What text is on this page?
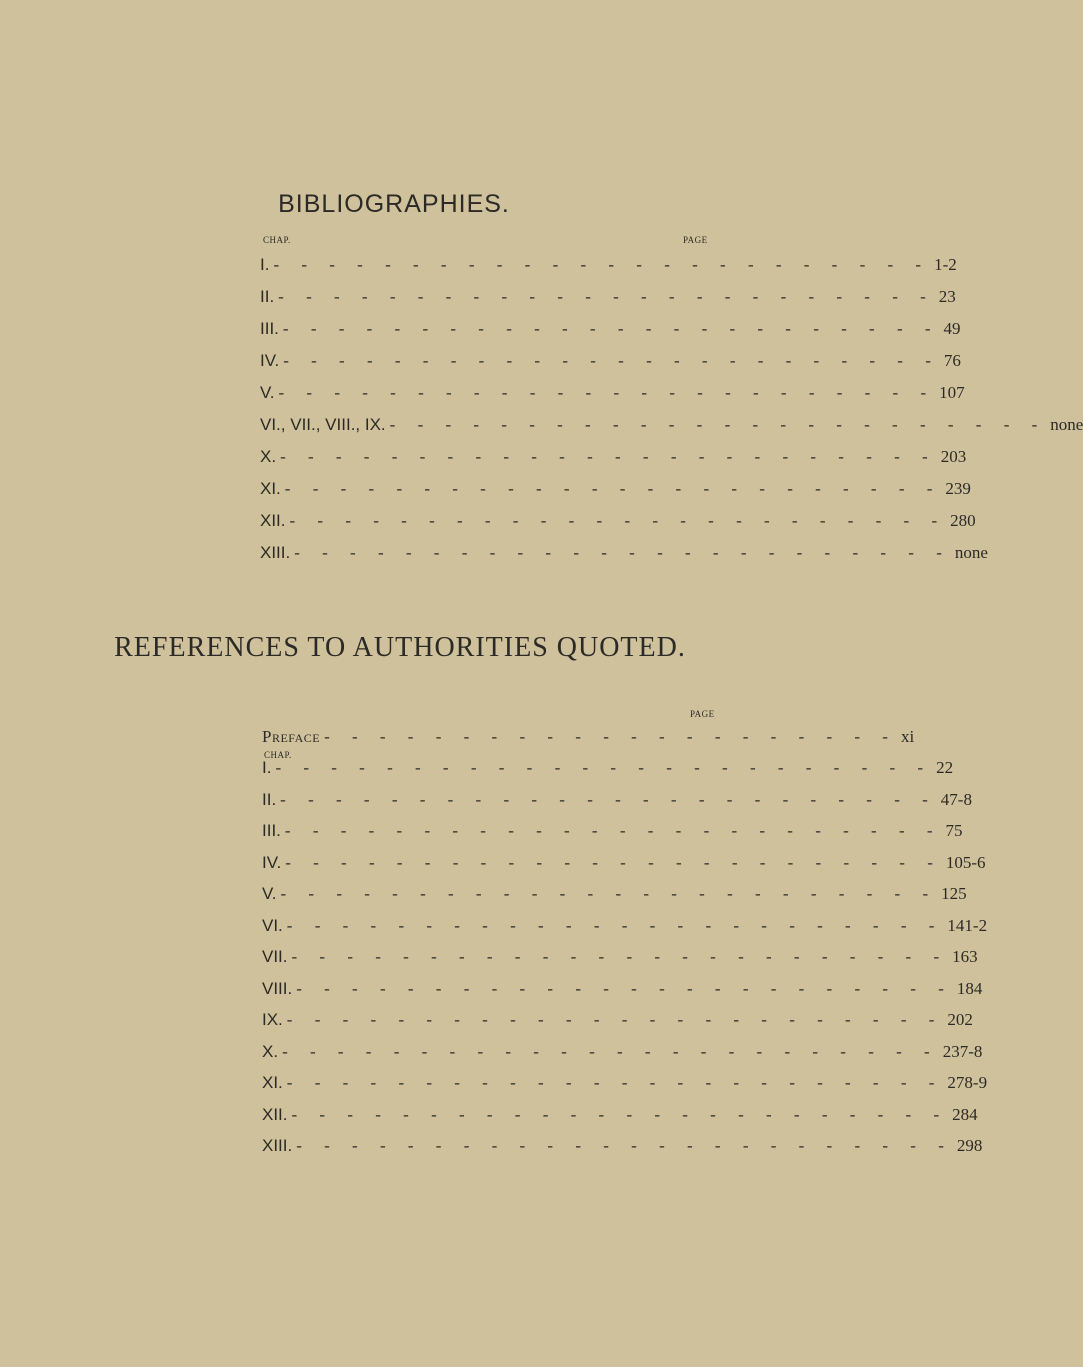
BIBLIOGRAPHIES.
CHAP.	PAGE
I. - - - - - - - - - - - - - - - - - - - - - - - - 1-2
II. - - - - - - - - - - - - - - - - - - - - - - - - 23
III. - - - - - - - - - - - - - - - - - - - - - - - - 49
IV. - - - - - - - - - - - - - - - - - - - - - - - - 76
V. - - - - - - - - - - - - - - - - - - - - - - - - 107
VI., VII., VIII., IX. - - - - - - - - - - - - - - - - - - - - - - - - none
X. - - - - - - - - - - - - - - - - - - - - - - - - 203
XI. - - - - - - - - - - - - - - - - - - - - - - - - 239
XII. - - - - - - - - - - - - - - - - - - - - - - - - 280
XIII. - - - - - - - - - - - - - - - - - - - - - - - - none
REFERENCES TO AUTHORITIES QUOTED.
PAGE
Preface - - - - - - - - - - - - - - - - - - - - - xi
CHAP.
I. - - - - - - - - - - - - - - - - - - - - - - - - 22
II. - - - - - - - - - - - - - - - - - - - - - - - - 47-8
III. - - - - - - - - - - - - - - - - - - - - - - - - 75
IV. - - - - - - - - - - - - - - - - - - - - - - - - 105-6
V. - - - - - - - - - - - - - - - - - - - - - - - - 125
VI. - - - - - - - - - - - - - - - - - - - - - - - - 141-2
VII. - - - - - - - - - - - - - - - - - - - - - - - - 163
VIII. - - - - - - - - - - - - - - - - - - - - - - - - 184
IX. - - - - - - - - - - - - - - - - - - - - - - - - 202
X. - - - - - - - - - - - - - - - - - - - - - - - - 237-8
XI. - - - - - - - - - - - - - - - - - - - - - - - - 278-9
XII. - - - - - - - - - - - - - - - - - - - - - - - - 284
XIII. - - - - - - - - - - - - - - - - - - - - - - - - 298
